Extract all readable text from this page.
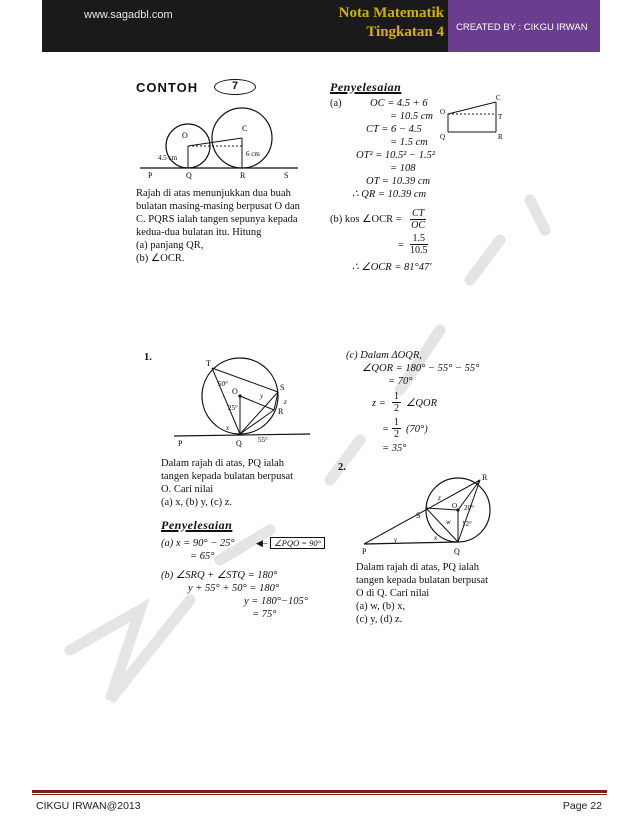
www.sagadbl.com	Nota Matematik
Tingkatan 4	CREATED BY : CIKGU IRWAN
CONTOH	7
O
C
4.5 cm	6 cm
P	Q	R	S
Rajah di atas menunjukkan dua buah
bulatan masing-masing berpusat O dan
C. PQRS ialah tangen sepunya kepada
kedua-dua bulatan itu. Hitung
(a) panjang QR,
(b) ∠OCR.
Penyelesaian
(a)	OC = 4.5 + 6
= 10.5 cm
CT = 6 − 4.5
= 1.5 cm
OT² = 10.5² − 1.5²
= 108
OT = 10.39 cm
∴ QR = 10.39 cm
(b) kos ∠OCR = $\frac{CT}{OC}$
= $\frac{1.5}{10.5}$
∴ ∠OCR = 81°47′
O
C
T
Q	R
1.
T
S
O	y
z
R
x
P	Q
50°
25°
55°
Dalam rajah di atas, PQ ialah
tangen kepada bulatan berpusat
O. Cari nilai
(a) x, (b) y, (c) z.
Penyelesaian
(a) x = 90° − 25° ◀– ∠PQO = 90°
= 65°
(b) ∠SRQ + ∠STQ = 180°
y + 55° + 50° = 180°
y = 180°−105°
= 75°
(c) Dalam ΔOQR,
∠QOR = 180° − 55° − 55°
= 70°
$z = \frac{1}{2}$ ∠QOR
= $\frac{1}{2} (70^\circ)$
= 35°
2.
R
z
S
O
w
20°
12°
x
y
P	Q
Dalam rajah di atas, PQ ialah
tangen kepada bulatan berpusat
O di Q. Cari nilai
(a) w, (b) x,
(c) y, (d) z.
CIKGU IRWAN@2013	Page 22
